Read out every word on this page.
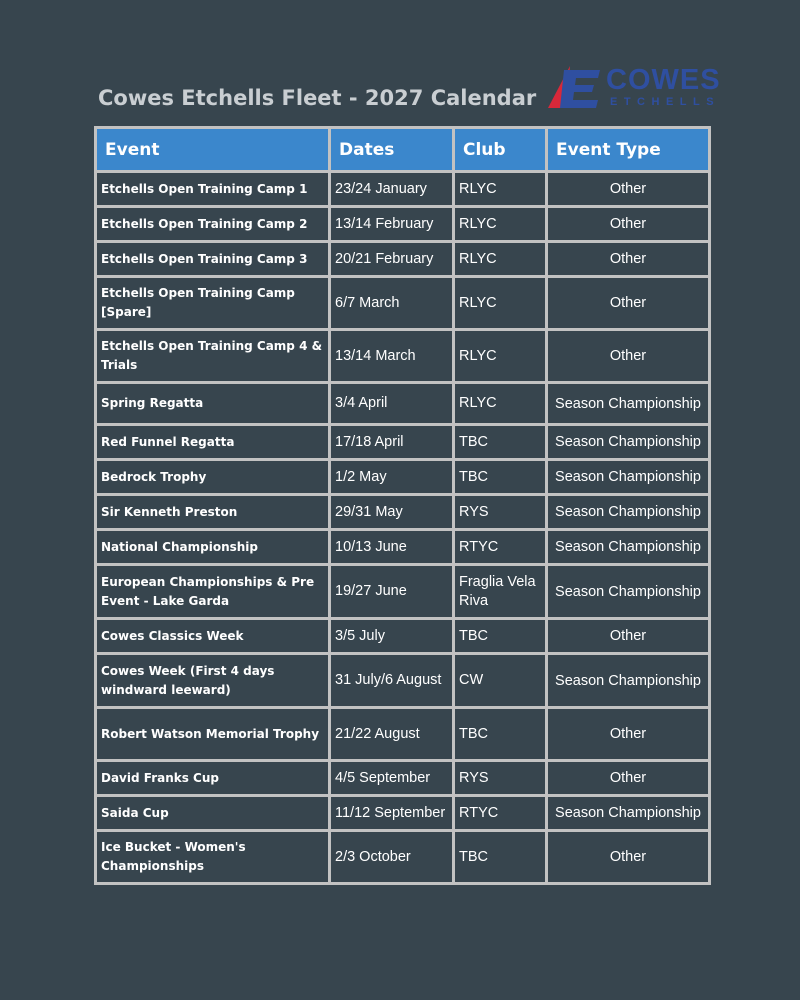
Cowes Etchells Fleet - 2027 Calendar
COWES
ETCHELLS
Event	Dates	Club	Event Type
Etchells Open Training Camp 1	23/24 January	RLYC	Other
Etchells Open Training Camp 2	13/14 February	RLYC	Other
Etchells Open Training Camp 3	20/21 February	RLYC	Other
Etchells Open Training Camp [Spare]	6/7 March	RLYC	Other
Etchells Open Training Camp 4 & Trials	13/14 March	RLYC	Other
Spring Regatta	3/4 April	RLYC	Season Championship
Red Funnel Regatta	17/18 April	TBC	Season Championship
Bedrock Trophy	1/2 May	TBC	Season Championship
Sir Kenneth Preston	29/31 May	RYS	Season Championship
National Championship	10/13 June	RTYC	Season Championship
European Championships & Pre Event - Lake Garda	19/27 June	Fraglia Vela Riva	Season Championship
Cowes Classics Week	3/5 July	TBC	Other
Cowes Week (First 4 days windward leeward)	31 July/6 August	CW	Season Championship
Robert Watson Memorial Trophy	21/22 August	TBC	Other
David Franks Cup	4/5 September	RYS	Other
Saida Cup	11/12 September	RTYC	Season Championship
Ice Bucket - Women's Championships	2/3 October	TBC	Other
